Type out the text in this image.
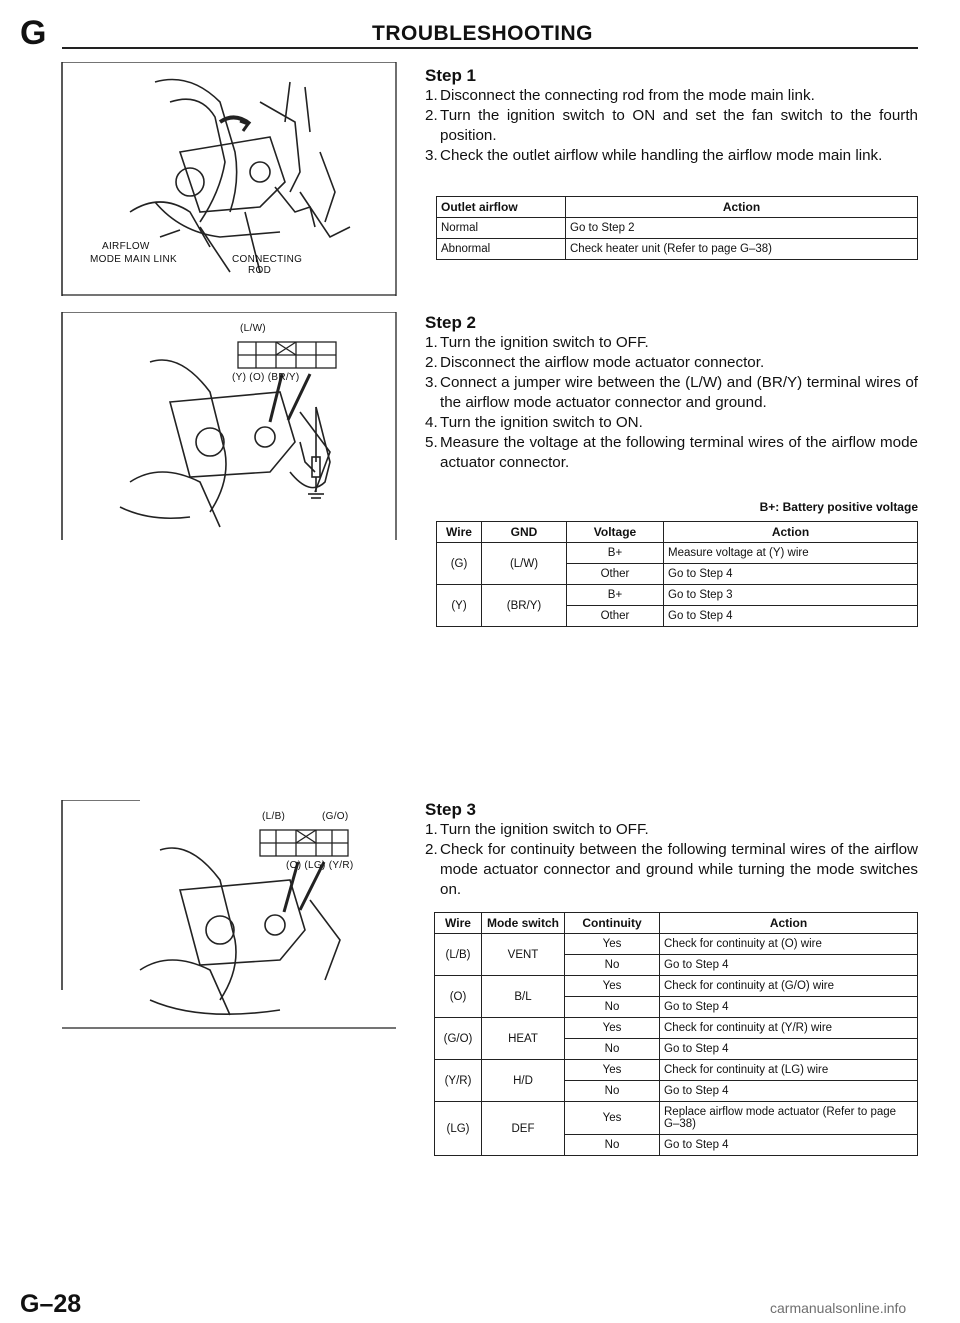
G	TROUBLESHOOTING
AIRFLOW
MODE MAIN LINK	CONNECTING
ROD
(L/W)
(Y) (O) (BR/Y)
(L/B)	(G/O)
(O) (LG) (Y/R)
Step 1
1. Disconnect the connecting rod from the mode main link.
2. Turn the ignition switch to ON and set the fan switch to the fourth position.
3. Check the outlet airflow while handling the airflow mode main link.
Outlet airflow	Action
Normal	Go to Step 2
Abnormal	Check heater unit (Refer to page G–38)
Step 2
1. Turn the ignition switch to OFF.
2. Disconnect the airflow mode actuator connector.
3. Connect a jumper wire between the (L/W) and (BR/Y) terminal wires of the airflow mode actuator connector and ground.
4. Turn the ignition switch to ON.
5. Measure the voltage at the following terminal wires of the airflow mode actuator connector.
B+: Battery positive voltage
Wire	GND	Voltage	Action
(G)	(L/W)	B+	Measure voltage at (Y) wire
		Other	Go to Step 4
(Y)	(BR/Y)	B+	Go to Step 3
		Other	Go to Step 4
Step 3
1. Turn the ignition switch to OFF.
2. Check for continuity between the following terminal wires of the airflow mode actuator connector and ground while turning the mode switches on.
Wire	Mode switch	Continuity	Action
(L/B)	VENT	Yes	Check for continuity at (O) wire
		No	Go to Step 4
(O)	B/L	Yes	Check for continuity at (G/O) wire
		No	Go to Step 4
(G/O)	HEAT	Yes	Check for continuity at (Y/R) wire
		No	Go to Step 4
(Y/R)	H/D	Yes	Check for continuity at (LG) wire
		No	Go to Step 4
(LG)	DEF	Yes	Replace airflow mode actuator (Refer to page G–38)
		No	Go to Step 4
G–28	carmanualsonline.info
